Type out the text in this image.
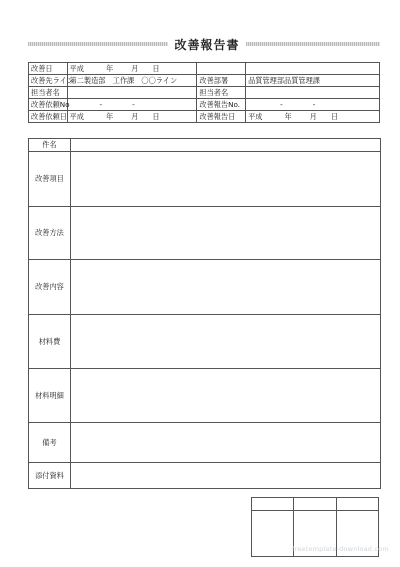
改善報告書
改善日	平成 年 月 日		
改善先ライン	第二製造部　工作課　〇〇ライン	改善部署	品質管理部品質管理課
担当者名		担当者名	
改善依頼No	- -	改善報告No.	- -
改善依頼日	平成 年 月 日	改善報告日	平成 年 月 日
件名	
改善項目	
改善方法	
改善内容	
材料費	
材料明細	
備考	
添付資料	

freetemplate-download.com
